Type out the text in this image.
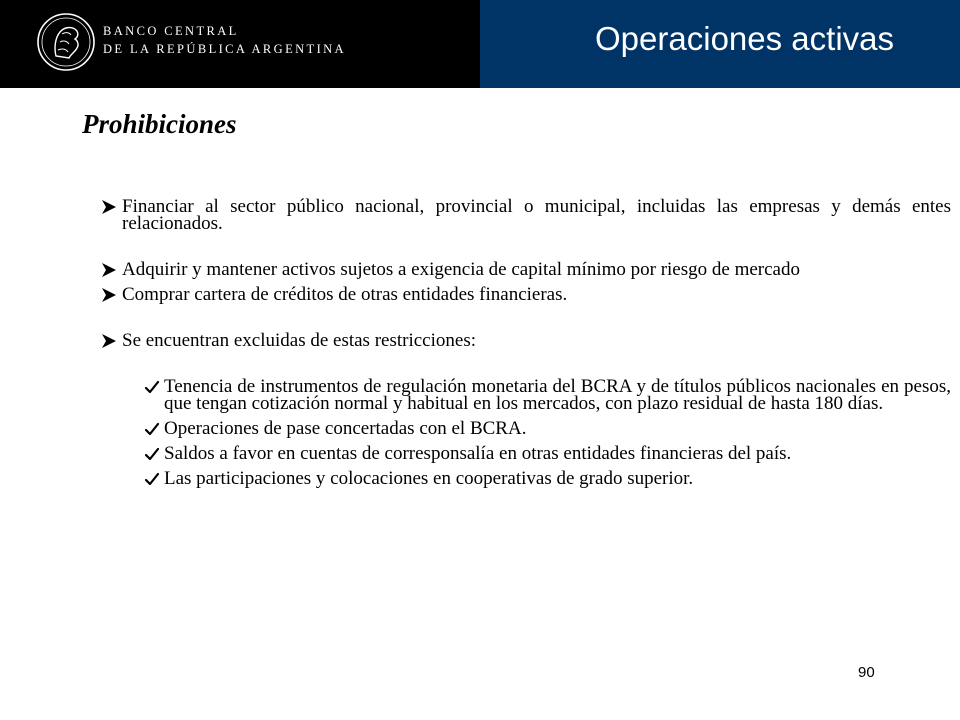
BANCO CENTRAL
DE LA REPÚBLICA ARGENTINA	Operaciones activas
Prohibiciones
Financiar al sector público nacional, provincial o municipal, incluidas las empresas y demás entes relacionados.
Adquirir y mantener activos sujetos a exigencia de capital mínimo por riesgo de mercado
Comprar cartera de créditos de otras entidades financieras.
Se encuentran excluidas de estas restricciones:
Tenencia de instrumentos de regulación monetaria del BCRA y de títulos públicos nacionales en pesos, que tengan cotización normal y habitual en los mercados, con plazo residual de hasta 180 días.
Operaciones de pase concertadas con el BCRA.
Saldos a favor en cuentas de corresponsalía en otras entidades financieras del país.
Las participaciones y colocaciones en cooperativas de grado superior.
90
